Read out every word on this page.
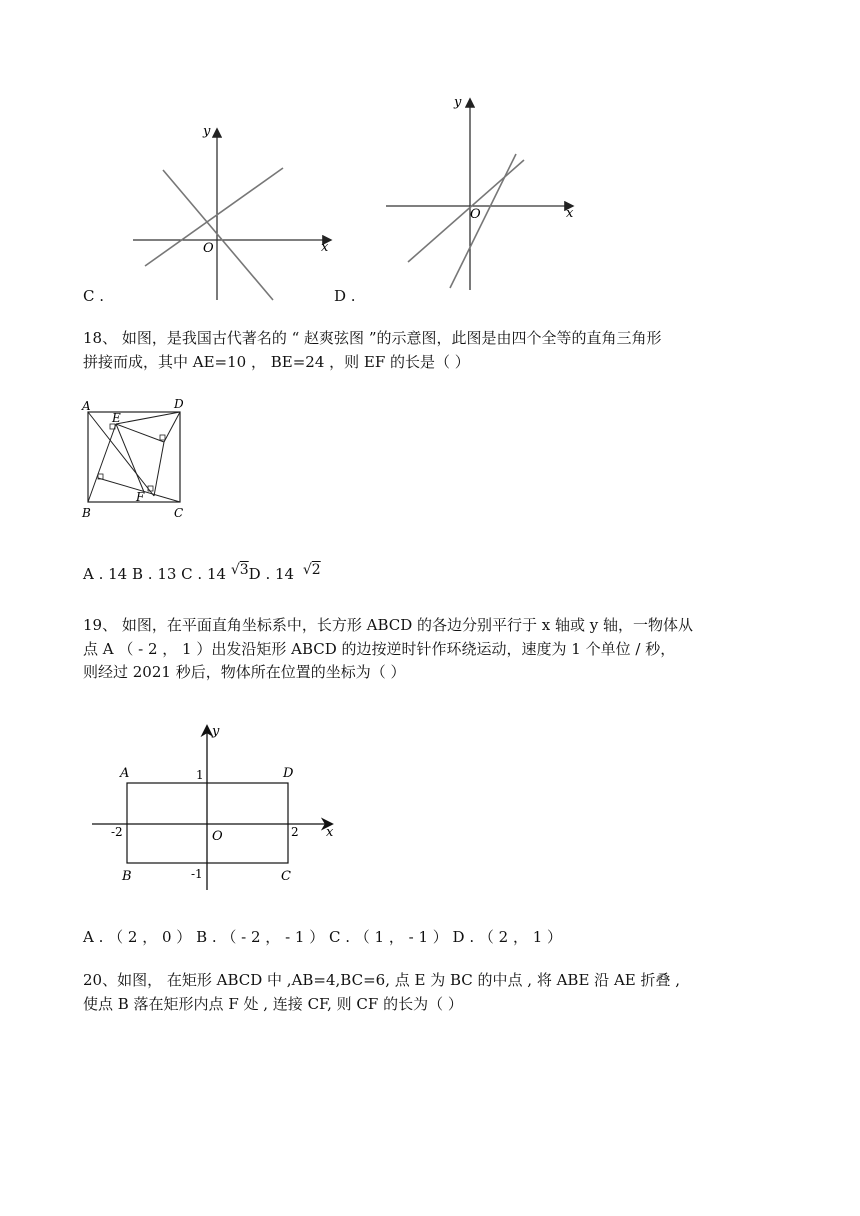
y
x
O
C .
y
x
O
D .
18、 如图，是我国古代著名的 “ 赵爽弦图 ”的示意图，此图是由四个全等的直角三角形
拼接而成，其中 AE=10 ， BE=24 ，则 EF 的长是（ ）
A	D
E
B	C
F
A . 14 B . 13 C . 14 √3D . 14 √2
19、 如图，在平面直角坐标系中，长方形 ABCD 的各边分别平行于 x 轴或 y 轴，一物体从
点 A （ - 2 ， 1 ）出发沿矩形 ABCD 的边按逆时针作环绕运动，速度为 1 个单位 / 秒，
则经过 2021 秒后，物体所在位置的坐标为（ ）
y
x
O
A	D
B	C
1
-1
-2	2
A . （ 2 ， 0 ） B . （ - 2 ， - 1 ） C . （ 1 ， - 1 ） D . （ 2 ， 1 ）
20、如图， 在矩形 ABCD 中 ,AB=4,BC=6, 点 E 为 BC 的中点 , 将 ABE 沿 AE 折叠 ,
使点 B 落在矩形内点 F 处 , 连接 CF, 则 CF 的长为（ ）
